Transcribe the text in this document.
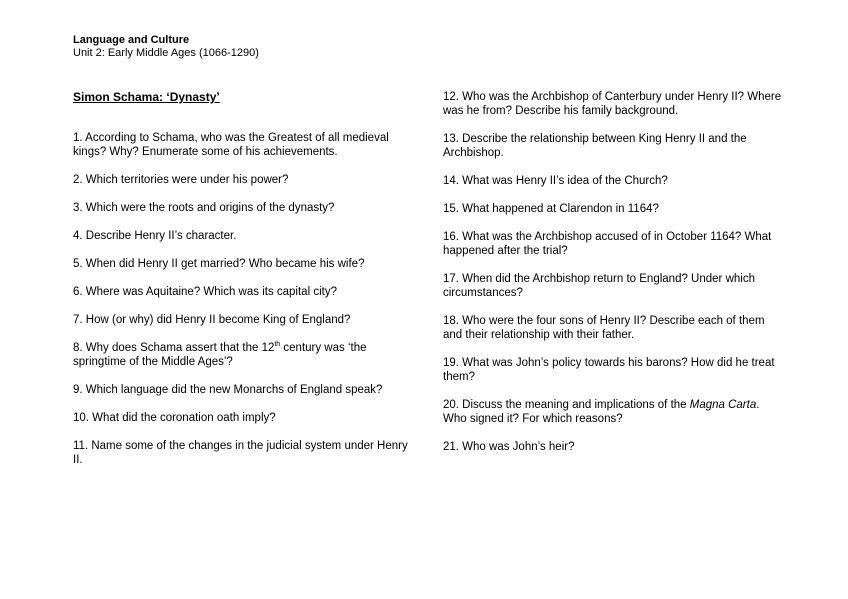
Language and Culture
Unit 2: Early Middle Ages (1066-1290)
Simon Schama: ‘Dynasty’
1. According to Schama, who was the Greatest of all medieval kings? Why? Enumerate some of his achievements.
2. Which territories were under his power?
3. Which were the roots and origins of the dynasty?
4. Describe Henry II’s character.
5. When did Henry II get married? Who became his wife?
6. Where was Aquitaine? Which was its capital city?
7. How (or why) did Henry II become King of England?
8. Why does Schama assert that the 12th century was ‘the springtime of the Middle Ages’?
9. Which language did the new Monarchs of England speak?
10. What did the coronation oath imply?
11. Name some of the changes in the judicial system under Henry II.
12. Who was the Archbishop of Canterbury under Henry II? Where was he from? Describe his family background.
13. Describe the relationship between King Henry II and the Archbishop.
14. What was Henry II’s idea of the Church?
15. What happened at Clarendon in 1164?
16. What was the Archbishop accused of in October 1164? What happened after the trial?
17. When did the Archbishop return to England? Under which circumstances?
18. Who were the four sons of Henry II? Describe each of them and their relationship with their father.
19. What was John’s policy towards his barons? How did he treat them?
20. Discuss the meaning and implications of the Magna Carta. Who signed it? For which reasons?
21. Who was John’s heir?
